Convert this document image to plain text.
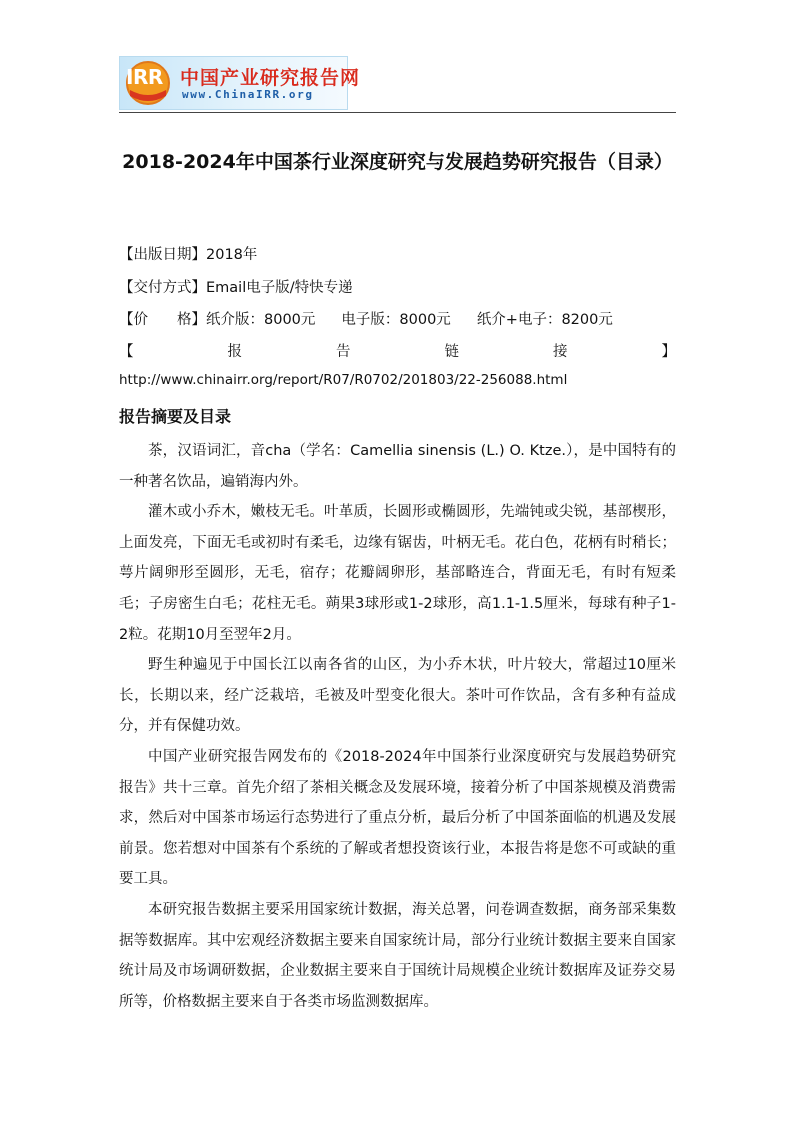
IRR 中国产业研究报告网
www.ChinaIRR.org
2018-2024年中国茶行业深度研究与发展趋势研究报告（目录）
【出版日期】2018年
【交付方式】Email电子版/特快专递
【价　　格】纸介版：8000元 电子版：8000元 纸介+电子：8200元
【	报	告	链	接	】
http://www.chinairr.org/report/R07/R0702/201803/22-256088.html
报告摘要及目录

茶，汉语词汇，音cha（学名：Camellia sinensis (L.) O. Ktze.），是中国特有的一种著名饮品，遍销海内外。

灌木或小乔木，嫩枝无毛。叶革质，长圆形或椭圆形，先端钝或尖锐，基部楔形，上面发亮，下面无毛或初时有柔毛，边缘有锯齿，叶柄无毛。花白色，花柄有时稍长；萼片阔卵形至圆形，无毛，宿存；花瓣阔卵形，基部略连合，背面无毛，有时有短柔毛；子房密生白毛；花柱无毛。蒴果3球形或1-2球形，高1.1-1.5厘米，每球有种子1-2粒。花期10月至翌年2月。

野生种遍见于中国长江以南各省的山区，为小乔木状，叶片较大，常超过10厘米长，长期以来，经广泛栽培，毛被及叶型变化很大。茶叶可作饮品，含有多种有益成分，并有保健功效。

中国产业研究报告网发布的《2018-2024年中国茶行业深度研究与发展趋势研究报告》共十三章。首先介绍了茶相关概念及发展环境，接着分析了中国茶规模及消费需求，然后对中国茶市场运行态势进行了重点分析，最后分析了中国茶面临的机遇及发展前景。您若想对中国茶有个系统的了解或者想投资该行业，本报告将是您不可或缺的重要工具。

本研究报告数据主要采用国家统计数据，海关总署，问卷调查数据，商务部采集数据等数据库。其中宏观经济数据主要来自国家统计局，部分行业统计数据主要来自国家统计局及市场调研数据，企业数据主要来自于国统计局规模企业统计数据库及证券交易所等，价格数据主要来自于各类市场监测数据库。
